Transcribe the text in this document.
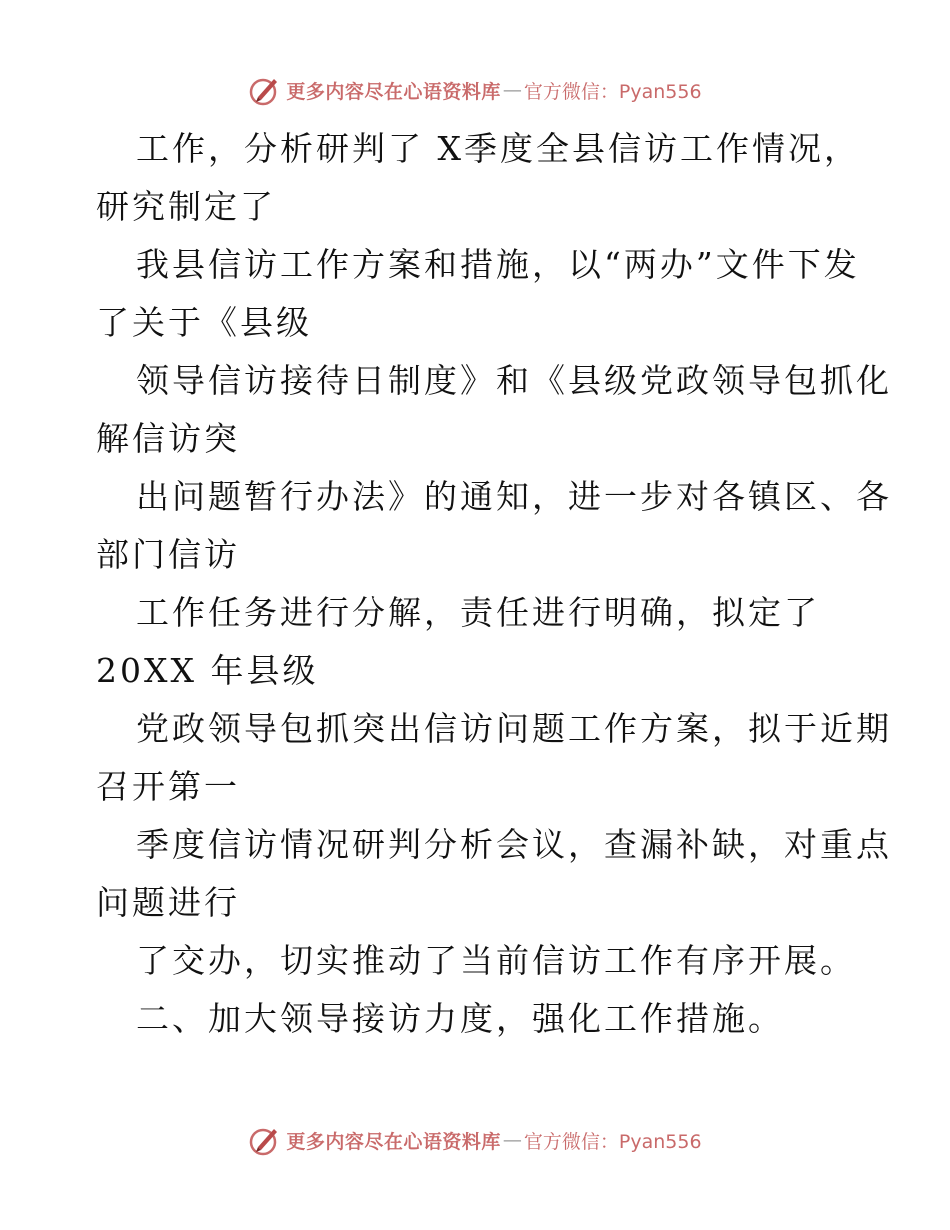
更多内容尽在心语资料库 — 官方微信：Pyan556
工作，分析研判了 X季度全县信访工作情况，
研究制定了
我县信访工作方案和措施，以“两办”文件下发
了关于《县级
领导信访接待日制度》和《县级党政领导包抓化
解信访突
出问题暂行办法》的通知，进一步对各镇区、各
部门信访
工作任务进行分解，责任进行明确，拟定了
20XX 年县级
党政领导包抓突出信访问题工作方案，拟于近期
召开第一
季度信访情况研判分析会议，查漏补缺，对重点
问题进行
了交办，切实推动了当前信访工作有序开展。
二、加大领导接访力度，强化工作措施。
更多内容尽在心语资料库 — 官方微信：Pyan556
